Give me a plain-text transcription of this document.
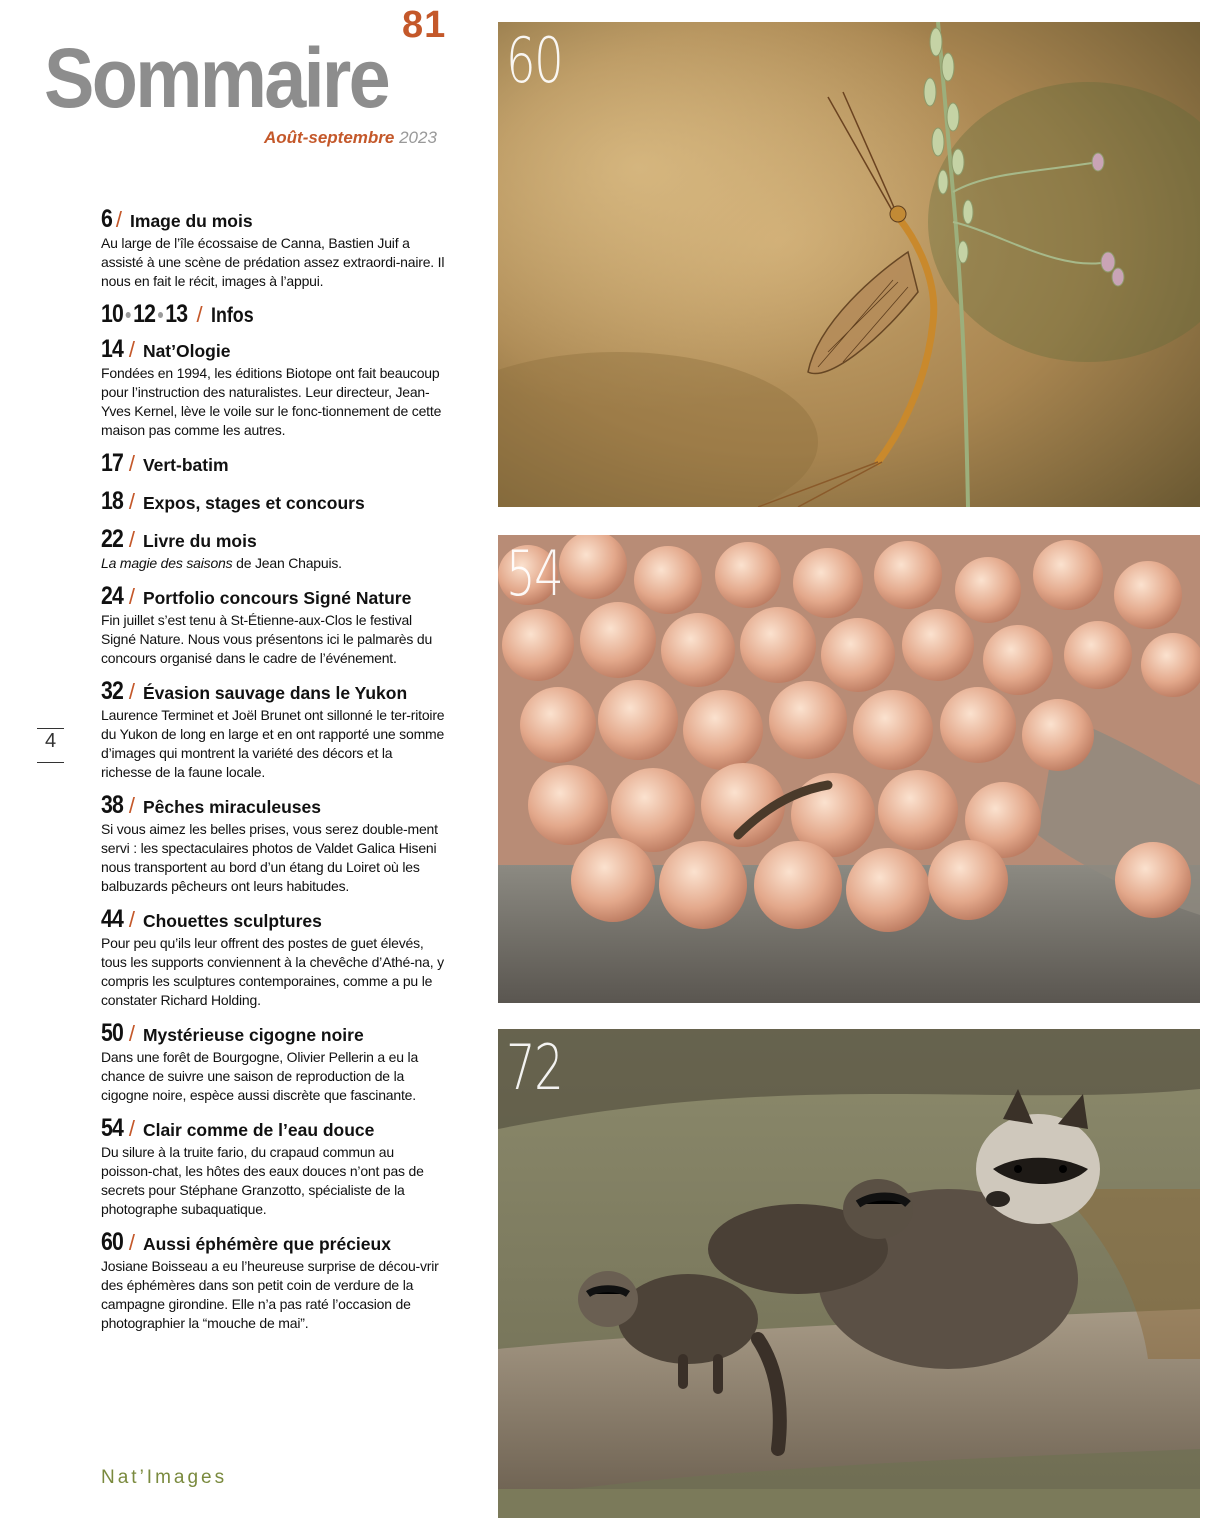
81
Sommaire
Août-septembre 2023
6 / Image du mois

Au large de l’île écossaise de Canna, Bastien Juif a assisté à une scène de prédation assez extraordi-naire. Il nous en fait le récit, images à l’appui.

10 12 13 / Infos
14 / Nat’Ologie

Fondées en 1994, les éditions Biotope ont fait beaucoup pour l’instruction des naturalistes. Leur directeur, Jean-Yves Kernel, lève le voile sur le fonc-tionnement de cette maison pas comme les autres.

17 / Vert-batim
18 / Expos, stages et concours
22 / Livre du mois

La magie des saisons de Jean Chapuis.

24 / Portfolio concours Signé Nature

Fin juillet s’est tenu à St-Étienne-aux-Clos le festival Signé Nature. Nous vous présentons ici le palmarès du concours organisé dans le cadre de l’événement.

32 / Évasion sauvage dans le Yukon

Laurence Terminet et Joël Brunet ont sillonné le ter-ritoire du Yukon de long en large et en ont rapporté une somme d’images qui montrent la variété des décors et la richesse de la faune locale.

38 / Pêches miraculeuses

Si vous aimez les belles prises, vous serez double-ment servi : les spectaculaires photos de Valdet Galica Hiseni nous transportent au bord d’un étang du Loiret où les balbuzards pêcheurs ont leurs habitudes.

44 / Chouettes sculptures

Pour peu qu’ils leur offrent des postes de guet élevés, tous les supports conviennent à la chevêche d’Athé-na, y compris les sculptures contemporaines, comme a pu le constater Richard Holding.

50 / Mystérieuse cigogne noire

Dans une forêt de Bourgogne, Olivier Pellerin a eu la chance de suivre une saison de reproduction de la cigogne noire, espèce aussi discrète que fascinante.

54 / Clair comme de l’eau douce

Du silure à la truite fario, du crapaud commun au poisson-chat, les hôtes des eaux douces n’ont pas de secrets pour Stéphane Granzotto, spécialiste de la photographe subaquatique.

60 / Aussi éphémère que précieux

Josiane Boisseau a eu l’heureuse surprise de décou-vrir des éphémères dans son petit coin de verdure de la campagne girondine. Elle n’a pas raté l’occasion de photographier la “mouche de mai”.

4
Nat’Images
60
54
72
